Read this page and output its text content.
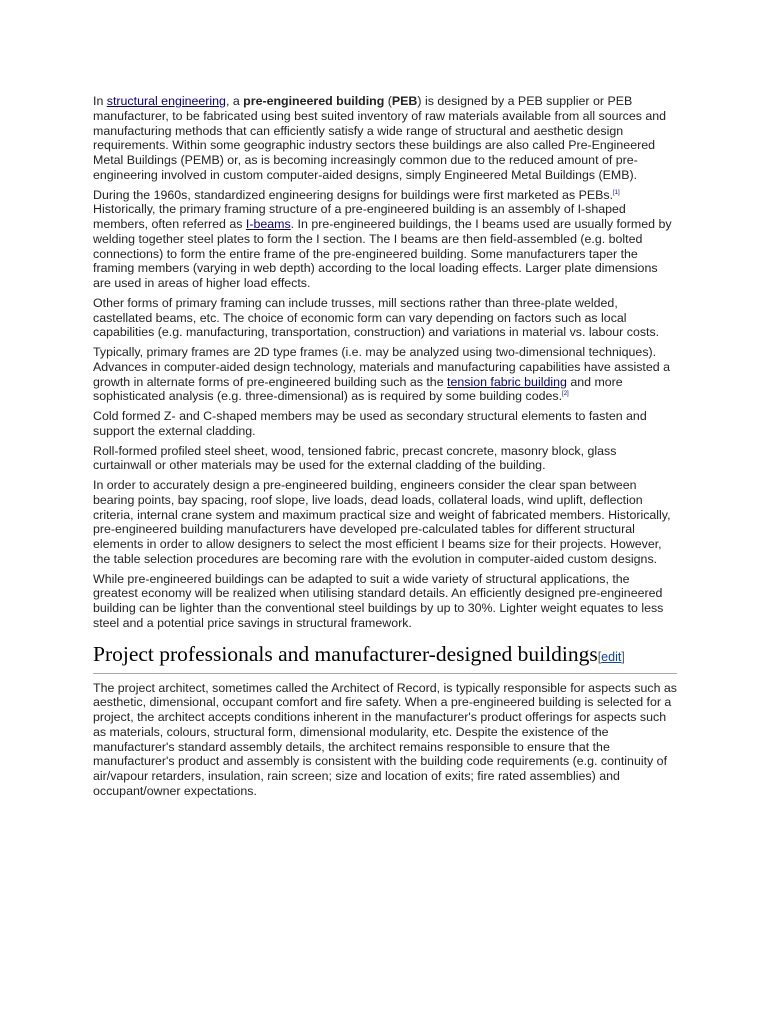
In structural engineering, a pre-engineered building (PEB) is designed by a PEB supplier or PEB manufacturer, to be fabricated using best suited inventory of raw materials available from all sources and manufacturing methods that can efficiently satisfy a wide range of structural and aesthetic design requirements. Within some geographic industry sectors these buildings are also called Pre-Engineered Metal Buildings (PEMB) or, as is becoming increasingly common due to the reduced amount of pre-engineering involved in custom computer-aided designs, simply Engineered Metal Buildings (EMB).

During the 1960s, standardized engineering designs for buildings were first marketed as PEBs.[1] Historically, the primary framing structure of a pre-engineered building is an assembly of I-shaped members, often referred as I-beams. In pre-engineered buildings, the I beams used are usually formed by welding together steel plates to form the I section. The I beams are then field-assembled (e.g. bolted connections) to form the entire frame of the pre-engineered building. Some manufacturers taper the framing members (varying in web depth) according to the local loading effects. Larger plate dimensions are used in areas of higher load effects.

Other forms of primary framing can include trusses, mill sections rather than three-plate welded, castellated beams, etc. The choice of economic form can vary depending on factors such as local capabilities (e.g. manufacturing, transportation, construction) and variations in material vs. labour costs.

Typically, primary frames are 2D type frames (i.e. may be analyzed using two-dimensional techniques). Advances in computer-aided design technology, materials and manufacturing capabilities have assisted a growth in alternate forms of pre-engineered building such as the tension fabric building and more sophisticated analysis (e.g. three-dimensional) as is required by some building codes.[2]

Cold formed Z- and C-shaped members may be used as secondary structural elements to fasten and support the external cladding.

Roll-formed profiled steel sheet, wood, tensioned fabric, precast concrete, masonry block, glass curtainwall or other materials may be used for the external cladding of the building.

In order to accurately design a pre-engineered building, engineers consider the clear span between bearing points, bay spacing, roof slope, live loads, dead loads, collateral loads, wind uplift, deflection criteria, internal crane system and maximum practical size and weight of fabricated members. Historically, pre-engineered building manufacturers have developed pre-calculated tables for different structural elements in order to allow designers to select the most efficient I beams size for their projects. However, the table selection procedures are becoming rare with the evolution in computer-aided custom designs.

While pre-engineered buildings can be adapted to suit a wide variety of structural applications, the greatest economy will be realized when utilising standard details. An efficiently designed pre-engineered building can be lighter than the conventional steel buildings by up to 30%. Lighter weight equates to less steel and a potential price savings in structural framework.

Project professionals and manufacturer-designed buildings[edit]

The project architect, sometimes called the Architect of Record, is typically responsible for aspects such as aesthetic, dimensional, occupant comfort and fire safety. When a pre-engineered building is selected for a project, the architect accepts conditions inherent in the manufacturer's product offerings for aspects such as materials, colours, structural form, dimensional modularity, etc. Despite the existence of the manufacturer's standard assembly details, the architect remains responsible to ensure that the manufacturer's product and assembly is consistent with the building code requirements (e.g. continuity of air/vapour retarders, insulation, rain screen; size and location of exits; fire rated assemblies) and occupant/owner expectations.
